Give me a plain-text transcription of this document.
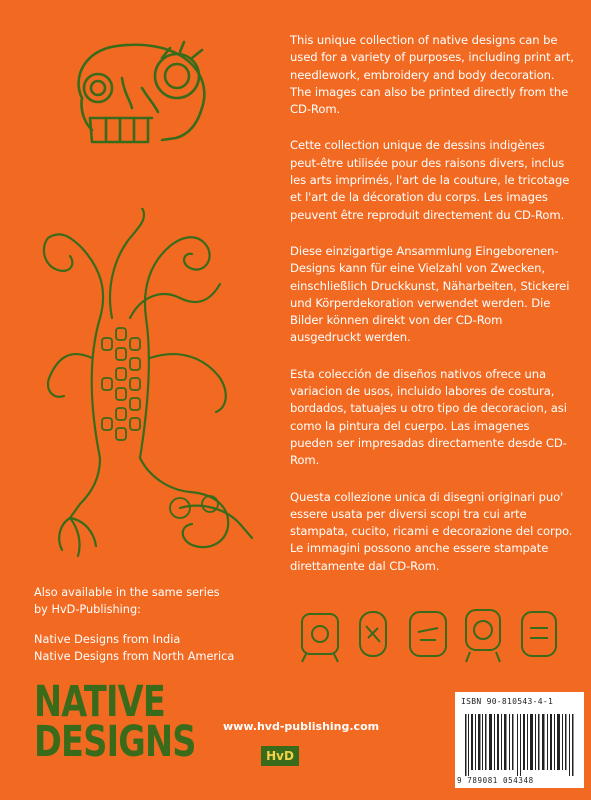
This unique collection of native designs can be used for a variety of purposes, including print art, needlework, embroidery and body decoration. The images can also be printed directly from the CD-Rom.

Cette collection unique de dessins indigènes peut-être utilisée pour des raisons divers, inclus les arts imprimés, l'art de la couture, le tricotage et l'art de la décoration du corps. Les images peuvent être reproduit directement du CD-Rom.

Diese einzigartige Ansammlung Eingeborenen-Designs kann für eine Vielzahl von Zwecken, einschließlich Druckkunst, Näharbeiten, Stickerei und Körperdekoration verwendet werden. Die Bilder können direkt von der CD-Rom ausgedruckt werden.

Esta colección de diseños nativos ofrece una variacion de usos, incluido labores de costura, bordados, tatuajes u otro tipo de decoracion, asi como la pintura del cuerpo. Las imagenes pueden ser impresadas directamente desde CD-Rom.

Questa collezione unica di disegni originari puo' essere usata per diversi scopi tra cui arte stampata, cucito, ricami e decorazione del corpo. Le immagini possono anche essere stampate direttamente dal CD-Rom.

Also available in the same series
by HvD-Publishing:
Native Designs from India
Native Designs from North America
NATIVE
DESIGNS www.hvd-publishing.com
HvD
ISBN 90-810543-4-1
9 789081 054348
